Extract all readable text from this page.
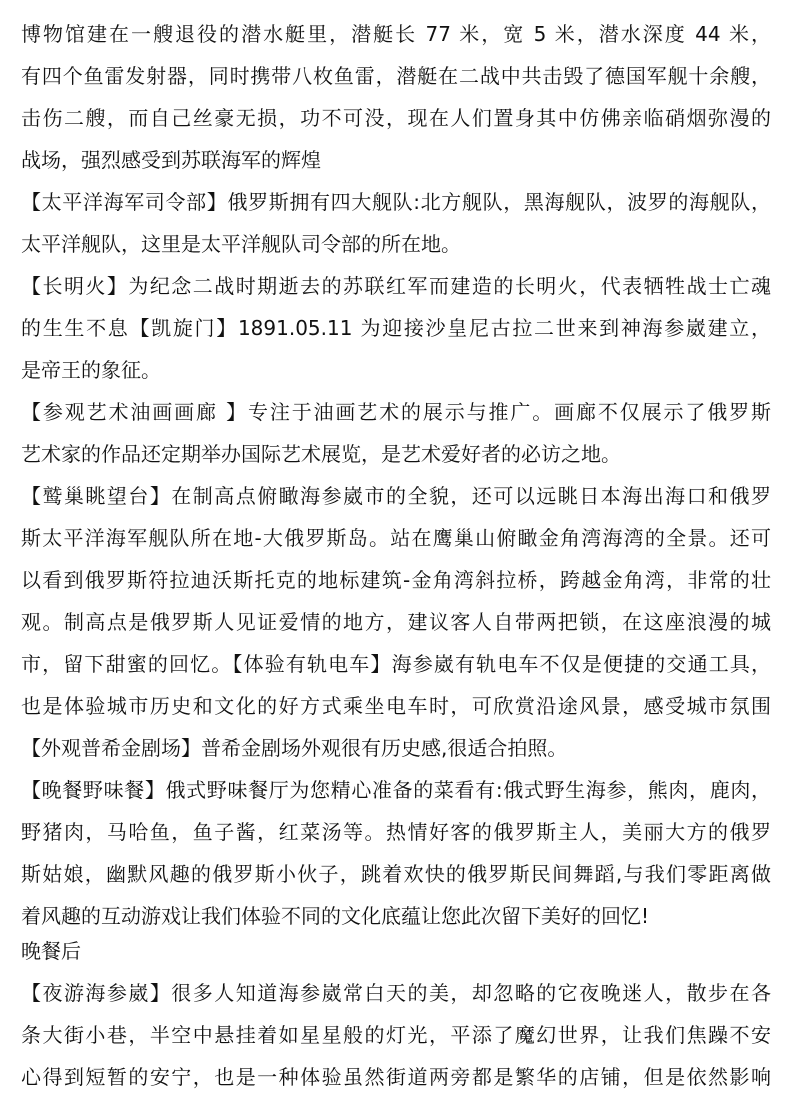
博物馆建在一艘退役的潜水艇里，潜艇长 77 米，宽 5 米，潜水深度 44 米，
有四个鱼雷发射器，同时携带八枚鱼雷，潜艇在二战中共击毁了德国军舰十余艘，
击伤二艘，而自己丝豪无损，功不可没，现在人们置身其中仿佛亲临硝烟弥漫的
战场，强烈感受到苏联海军的辉煌
【太平洋海军司令部】俄罗斯拥有四大舰队:北方舰队，黑海舰队，波罗的海舰队，
太平洋舰队，这里是太平洋舰队司令部的所在地。
【长明火】为纪念二战时期逝去的苏联红军而建造的长明火，代表牺牲战士亡魂
的生生不息【凯旋门】1891.05.11 为迎接沙皇尼古拉二世来到神海参崴建立，
是帝王的象征。
【参观艺术油画画廊 】专注于油画艺术的展示与推广。画廊不仅展示了俄罗斯
艺术家的作品还定期举办国际艺术展览，是艺术爱好者的必访之地。
【鹫巢眺望台】在制高点俯瞰海参崴市的全貌，还可以远眺日本海出海口和俄罗
斯太平洋海军舰队所在地-大俄罗斯岛。站在鹰巢山俯瞰金角湾海湾的全景。还可
以看到俄罗斯符拉迪沃斯托克的地标建筑-金角湾斜拉桥，跨越金角湾，非常的壮
观。制高点是俄罗斯人见证爱情的地方，建议客人自带两把锁，在这座浪漫的城
市，留下甜蜜的回忆。【体验有轨电车】海参崴有轨电车不仅是便捷的交通工具，
也是体验城市历史和文化的好方式乘坐电车时，可欣赏沿途风景，感受城市氛围
【外观普希金剧场】普希金剧场外观很有历史感,很适合拍照。
【晚餐野味餐】俄式野味餐厅为您精心准备的菜看有:俄式野生海参，熊肉，鹿肉，
野猪肉，马哈鱼，鱼子酱，红菜汤等。热情好客的俄罗斯主人，美丽大方的俄罗
斯姑娘，幽默风趣的俄罗斯小伙子，跳着欢快的俄罗斯民间舞蹈,与我们零距离做
着风趣的互动游戏让我们体验不同的文化底蕴让您此次留下美好的回忆!
晚餐后
【夜游海参崴】很多人知道海参崴常白天的美，却忽略的它夜晚迷人，散步在各
条大街小巷，半空中悬挂着如星星般的灯光，平添了魔幻世界，让我们焦躁不安
心得到短暂的安宁，也是一种体验虽然街道两旁都是繁华的店铺，但是依然影响
